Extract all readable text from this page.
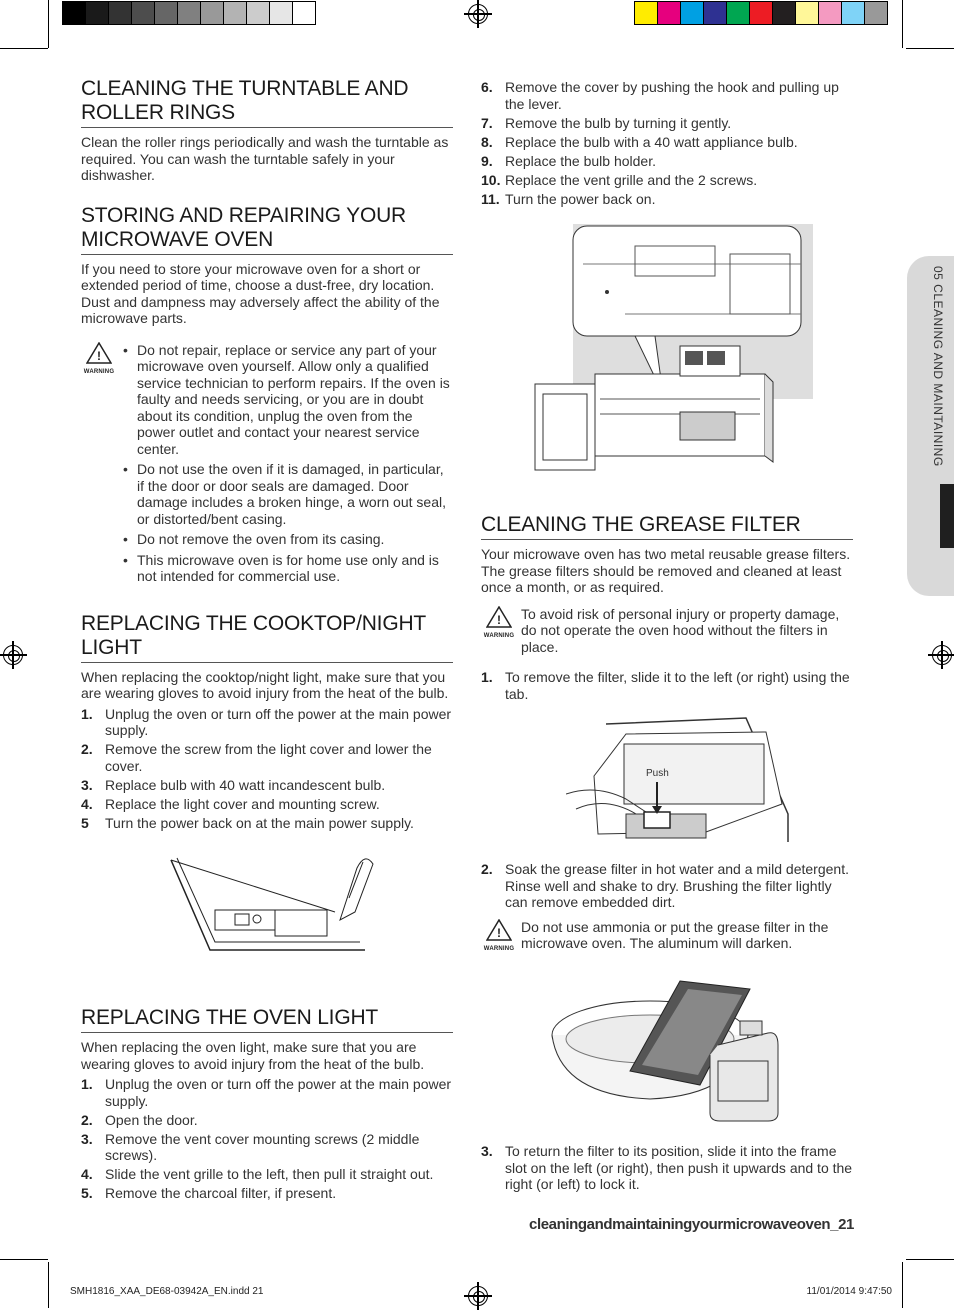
CLEANING THE TURNTABLE AND ROLLER RINGS

Clean the roller rings periodically and wash the turntable as required. You can wash the turntable safely in your dishwasher.

STORING AND REPAIRING YOUR MICROWAVE OVEN

If you need to store your microwave oven for a short or extended period of time, choose a dust-free, dry location. Dust and dampness may adversely affect the ability of the microwave parts.

!
WARNING
• Do not repair, replace or service any part of your microwave oven yourself. Allow only a qualified service technician to perform repairs. If the oven is faulty and needs servicing, or you are in doubt about its condition, unplug the oven from the power outlet and contact your nearest service center.
• Do not use the oven if it is damaged, in particular, if the door or door seals are damaged. Door damage includes a broken hinge, a worn out seal, or distorted/bent casing.
• Do not remove the oven from its casing.
• This microwave oven is for home use only and is not intended for commercial use.
REPLACING THE COOKTOP/NIGHT LIGHT

When replacing the cooktop/night light, make sure that you are wearing gloves to avoid injury from the heat of the bulb.

1. Unplug the oven or turn off the power at the main power supply.
2. Remove the screw from the light cover and lower the cover.
3. Replace bulb with 40 watt incandescent bulb.
4. Replace the light cover and mounting screw.
5 Turn the power back on at the main power supply.
REPLACING THE OVEN LIGHT

When replacing the oven light, make sure that you are wearing gloves to avoid injury from the heat of the bulb.

1. Unplug the oven or turn off the power at the main power supply.
2. Open the door.
3. Remove the vent cover mounting screws (2 middle screws).
4. Slide the vent grille to the left, then pull it straight out.
5. Remove the charcoal filter, if present.
6. Remove the cover by pushing the hook and pulling up the lever.
7. Remove the bulb by turning it gently.
8. Replace the bulb with a 40 watt appliance bulb.
9. Replace the bulb holder.
10. Replace the vent grille and the 2 screws.
11. Turn the power back on.
CLEANING THE GREASE FILTER

Your microwave oven has two metal reusable grease filters. The grease filters should be removed and cleaned at least once a month, or as required.

!
WARNING

To avoid risk of personal injury or property damage, do not operate the oven hood without the filters in place.

1. To remove the filter, slide it to the left (or right) using the tab.
Push
2. Soak the grease filter in hot water and a mild detergent. Rinse well and shake to dry. Brushing the filter lightly can remove embedded dirt.
!
WARNING

Do not use ammonia or put the grease filter in the microwave oven. The aluminum will darken.

3. To return the filter to its position, slide it into the frame slot on the left (or right), then push it upwards and to the right (or left) to lock it.
05 CLEANING AND MAINTAINING
cleaningandmaintainingyourmicrowaveoven_21
SMH1816_XAA_DE68-03942A_EN.indd 21	11/01/2014 9:47:50
